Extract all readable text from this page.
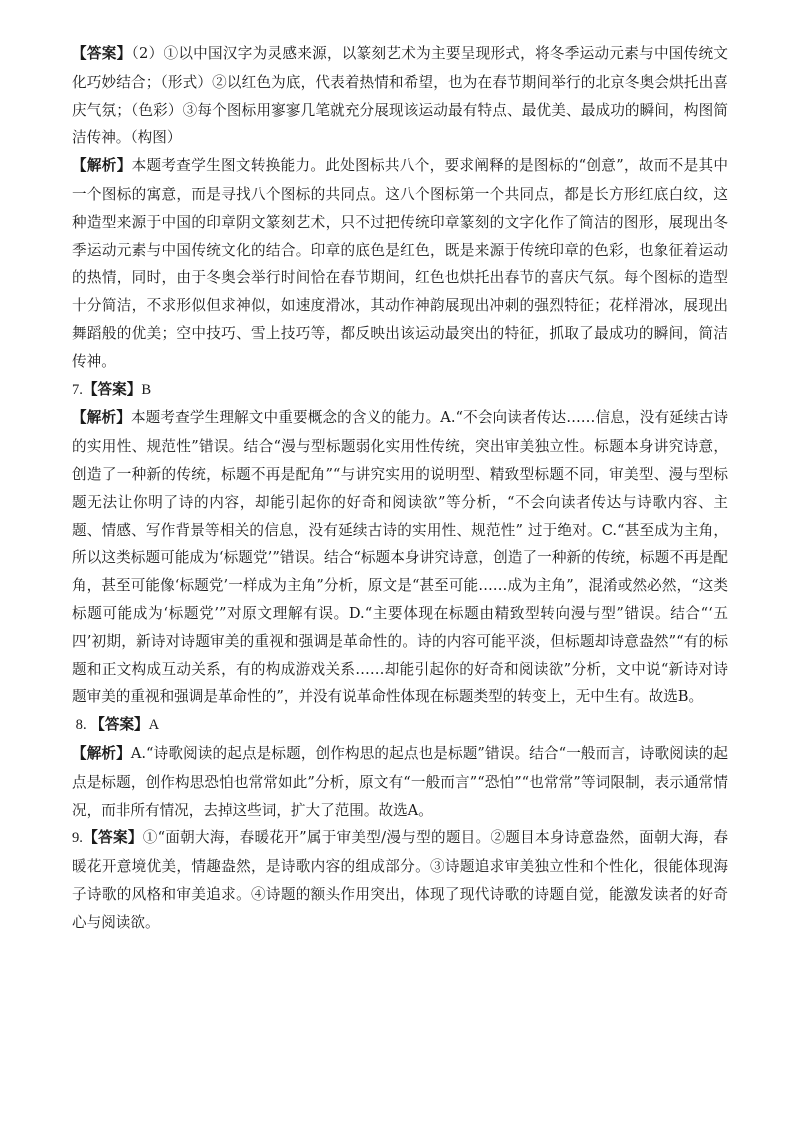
【答案】（2）①以中国汉字为灵感来源，以篆刻艺术为主要呈现形式，将冬季运动元素与中国传统文化巧妙结合；（形式）②以红色为底，代表着热情和希望，也为在春节期间举行的北京冬奥会烘托出喜庆气氛；（色彩）③每个图标用寥寥几笔就充分展现该运动最有特点、最优美、最成功的瞬间，构图简洁传神。（构图）

【解析】本题考查学生图文转换能力。此处图标共八个，要求阐释的是图标的“创意”，故而不是其中一个图标的寓意，而是寻找八个图标的共同点。这八个图标第一个共同点，都是长方形红底白纹，这种造型来源于中国的印章阴文篆刻艺术，只不过把传统印章篆刻的文字化作了简洁的图形，展现出冬季运动元素与中国传统文化的结合。印章的底色是红色，既是来源于传统印章的色彩，也象征着运动的热情，同时，由于冬奥会举行时间恰在春节期间，红色也烘托出春节的喜庆气氛。每个图标的造型十分简洁，不求形似但求神似，如速度滑冰，其动作神韵展现出冲刺的强烈特征；花样滑冰，展现出舞蹈般的优美；空中技巧、雪上技巧等，都反映出该运动最突出的特征，抓取了最成功的瞬间，简洁传神。

7.【答案】B

【解析】本题考查学生理解文中重要概念的含义的能力。A.“不会向读者传达……信息，没有延续古诗的实用性、规范性”错误。结合“漫与型标题弱化实用性传统，突出审美独立性。标题本身讲究诗意，创造了一种新的传统，标题不再是配角”“与讲究实用的说明型、精致型标题不同，审美型、漫与型标题无法让你明了诗的内容，却能引起你的好奇和阅读欲”等分析，“不会向读者传达与诗歌内容、主题、情感、写作背景等相关的信息，没有延续古诗的实用性、规范性” 过于绝对。C.“甚至成为主角，所以这类标题可能成为‘标题党’”错误。结合“标题本身讲究诗意，创造了一种新的传统，标题不再是配角，甚至可能像‘标题党’一样成为主角”分析，原文是“甚至可能……成为主角”，混淆或然必然，“这类标题可能成为‘标题党’”对原文理解有误。D.“主要体现在标题由精致型转向漫与型”错误。结合“‘五四’初期，新诗对诗题审美的重视和强调是革命性的。诗的内容可能平淡，但标题却诗意盎然”“有的标题和正文构成互动关系，有的构成游戏关系……却能引起你的好奇和阅读欲”分析，文中说“新诗对诗题审美的重视和强调是革命性的”，并没有说革命性体现在标题类型的转变上，无中生有。故选B。

8. 【答案】A

【解析】A.“诗歌阅读的起点是标题，创作构思的起点也是标题”错误。结合“一般而言，诗歌阅读的起点是标题，创作构思恐怕也常常如此”分析，原文有“一般而言”“恐怕”“也常常”等词限制，表示通常情况，而非所有情况，去掉这些词，扩大了范围。故选A。

9.【答案】①“面朝大海，春暖花开”属于审美型/漫与型的题目。②题目本身诗意盎然，面朝大海，春暖花开意境优美，情趣盎然，是诗歌内容的组成部分。③诗题追求审美独立性和个性化，很能体现海子诗歌的风格和审美追求。④诗题的额头作用突出，体现了现代诗歌的诗题自觉，能激发读者的好奇心与阅读欲。
